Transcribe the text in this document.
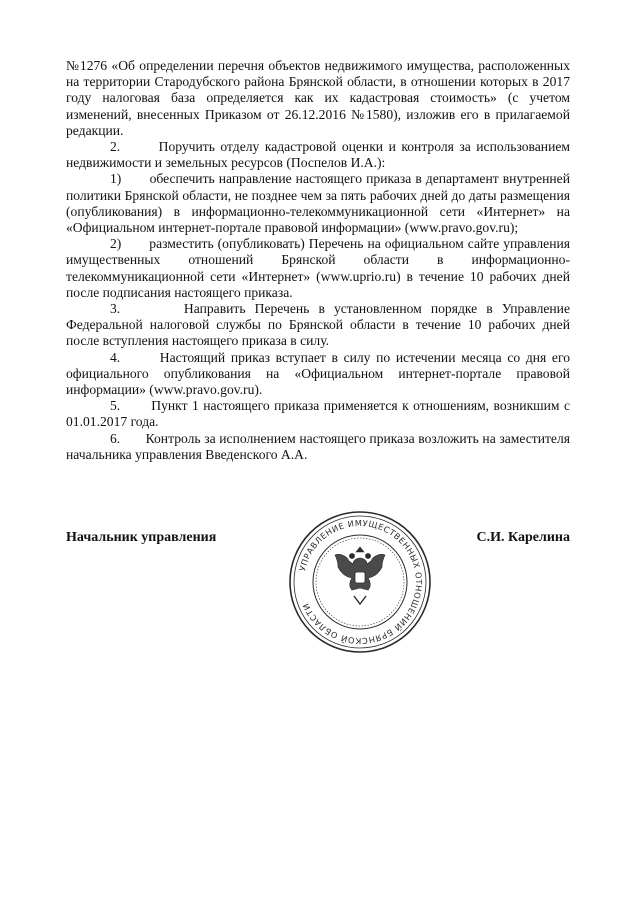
№1276 «Об определении перечня объектов недвижимого имущества, расположенных на территории Стародубского района Брянской области, в отношении которых в 2017 году налоговая база определяется как их кадастровая стоимость» (с учетом изменений, внесенных Приказом от 26.12.2016 №1580), изложив его в прилагаемой редакции.

2.       Поручить отделу кадастровой оценки и контроля за использованием недвижимости и земельных ресурсов (Поспелов И.А.):

1)       обеспечить направление настоящего приказа в департамент внутренней политики Брянской области, не позднее чем за пять рабочих дней до даты размещения (опубликования) в информационно-телекоммуникационной сети «Интернет» на «Официальном интернет-портале правовой информации» (www.pravo.gov.ru);

2)       разместить (опубликовать) Перечень на официальном сайте управления имущественных отношений Брянской области в информационно-телекоммуникационной сети «Интернет» (www.uprio.ru) в течение 10 рабочих дней после подписания настоящего приказа.

3.       Направить Перечень в установленном порядке в Управление Федеральной налоговой службы по Брянской области в течение 10 рабочих дней после вступления настоящего приказа в силу.

4.       Настоящий приказ вступает в силу по истечении месяца со дня его официального опубликования на «Официальном интернет-портале правовой информации» (www.pravo.gov.ru).

5.       Пункт 1 настоящего приказа применяется к отношениям, возникшим с 01.01.2017 года.

6.       Контроль за исполнением настоящего приказа возложить на заместителя начальника управления Введенского А.А.

Начальник управления	С.И. Карелина
УПРАВЛЕНИЕ ИМУЩЕСТВЕННЫХ ОТНОШЕНИЙ БРЯНСКОЙ ОБЛАСТИ
